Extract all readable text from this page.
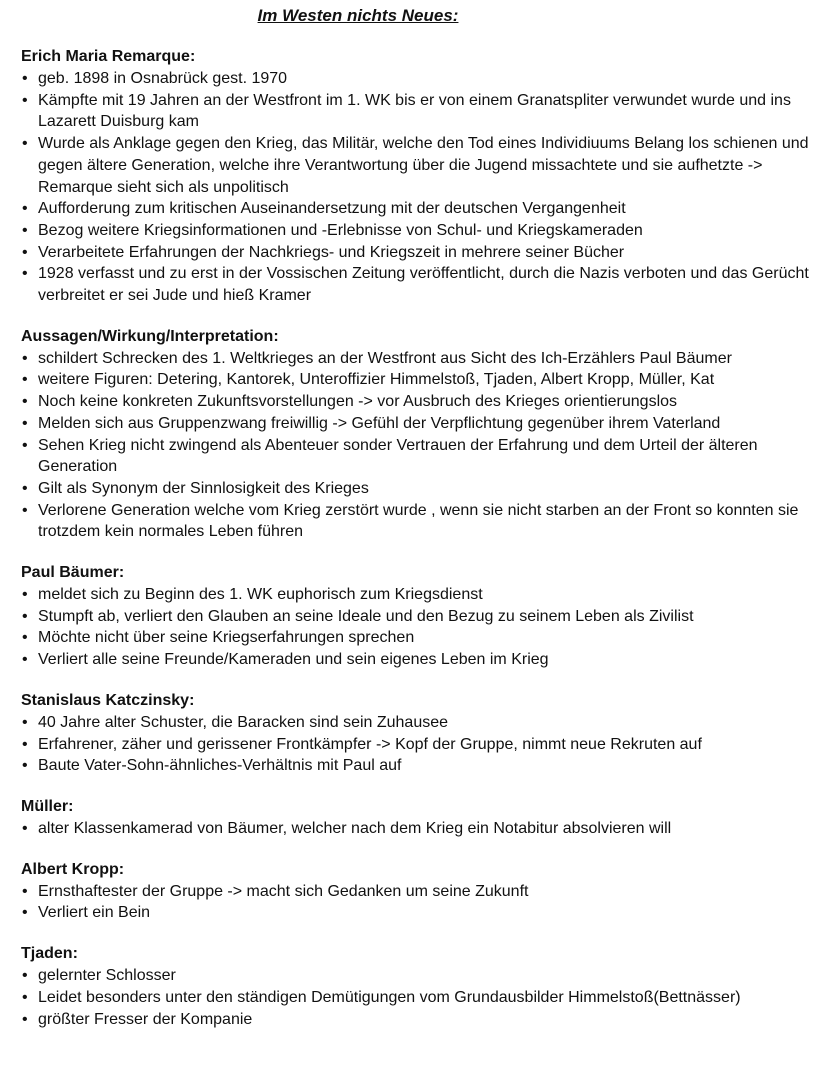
Im Westen nichts Neues:
Erich Maria Remarque:
• geb. 1898 in Osnabrück gest. 1970
• Kämpfte mit 19 Jahren an der Westfront im 1. WK bis er von einem Granatspliter verwundet wurde und ins Lazarett Duisburg kam
• Wurde als Anklage gegen den Krieg, das Militär, welche den Tod eines Individiuums Belang los schienen und gegen ältere Generation, welche ihre Verantwortung über die Jugend missachtete und sie aufhetzte -> Remarque sieht sich als unpolitisch
• Aufforderung zum kritischen Auseinandersetzung mit der deutschen Vergangenheit
• Bezog weitere Kriegsinformationen und -Erlebnisse von Schul- und Kriegskameraden
• Verarbeitete Erfahrungen der Nachkriegs- und Kriegszeit in mehrere seiner Bücher
• 1928 verfasst und zu erst in der Vossischen Zeitung veröffentlicht, durch die Nazis verboten und das Gerücht verbreitet er sei Jude und hieß Kramer
Aussagen/Wirkung/Interpretation:
• schildert Schrecken des 1. Weltkrieges an der Westfront aus Sicht des Ich-Erzählers Paul Bäumer
• weitere Figuren: Detering, Kantorek, Unteroffizier Himmelstoß, Tjaden, Albert Kropp, Müller, Kat
• Noch keine konkreten Zukunftsvorstellungen -> vor Ausbruch des Krieges orientierungslos
• Melden sich aus Gruppenzwang freiwillig -> Gefühl der Verpflichtung gegenüber ihrem Vaterland
• Sehen Krieg nicht zwingend als Abenteuer sonder Vertrauen der Erfahrung und dem Urteil der älteren Generation
• Gilt als Synonym der Sinnlosigkeit des Krieges
• Verlorene Generation welche vom Krieg zerstört wurde , wenn sie nicht starben an der Front so konnten sie trotzdem kein normales Leben führen
Paul Bäumer:
• meldet sich zu Beginn des 1. WK euphorisch zum Kriegsdienst
• Stumpft ab, verliert den Glauben an seine Ideale und den Bezug zu seinem Leben als Zivilist
• Möchte nicht über seine Kriegserfahrungen sprechen
• Verliert alle seine Freunde/Kameraden und sein eigenes Leben im Krieg
Stanislaus Katczinsky:
• 40 Jahre alter Schuster, die Baracken sind sein Zuhausee
• Erfahrener, zäher und gerissener Frontkämpfer -> Kopf der Gruppe, nimmt neue Rekruten auf
• Baute Vater-Sohn-ähnliches-Verhältnis mit Paul auf
Müller:
• alter Klassenkamerad von Bäumer, welcher nach dem Krieg ein Notabitur absolvieren will
Albert Kropp:
• Ernsthaftester der Gruppe -> macht sich Gedanken um seine Zukunft
• Verliert ein Bein
Tjaden:
• gelernter Schlosser
• Leidet besonders unter den ständigen Demütigungen vom Grundausbilder Himmelstoß(Bettnässer)
• größter Fresser der Kompanie
